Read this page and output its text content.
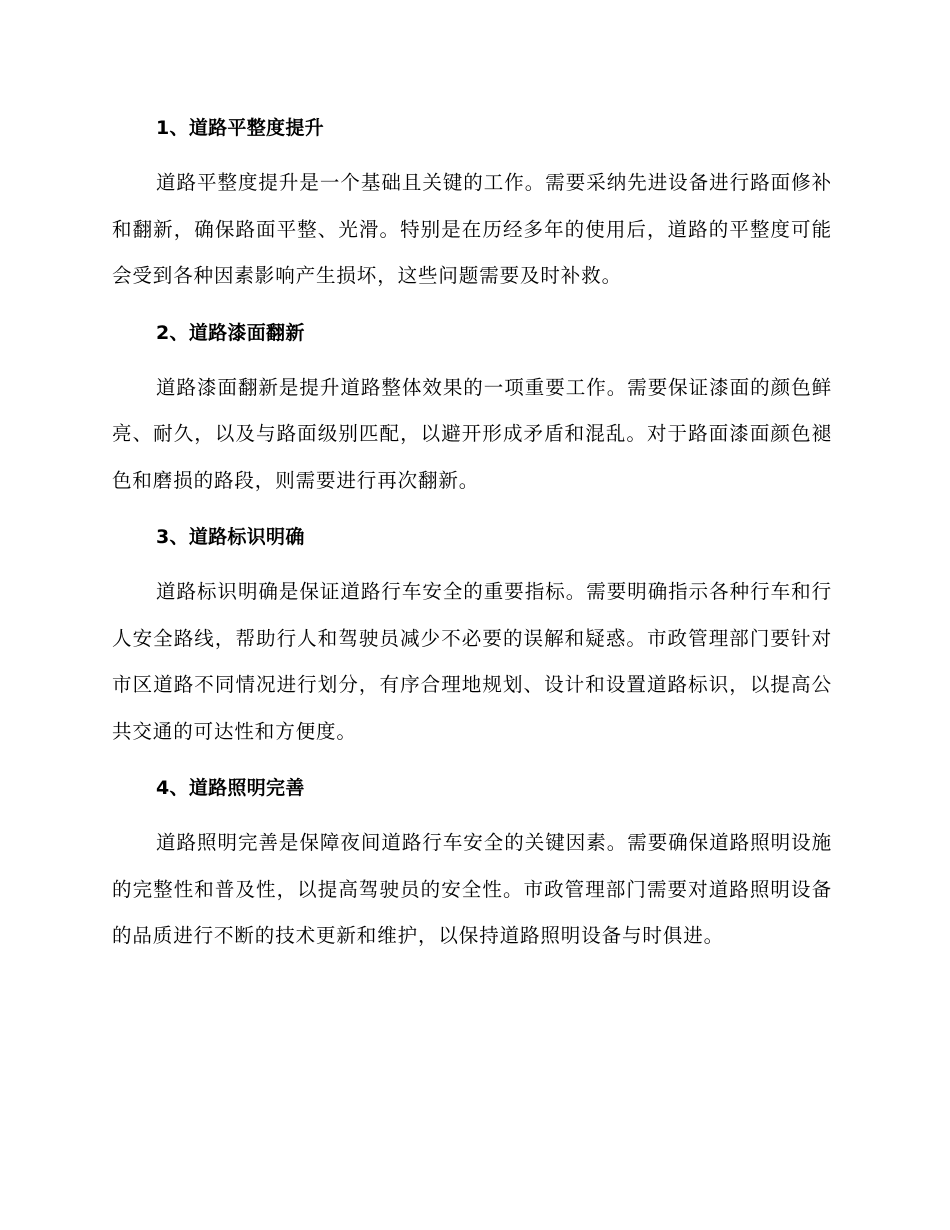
1、道路平整度提升
道路平整度提升是一个基础且关键的工作。需要采纳先进设备进行路面修补和翻新，确保路面平整、光滑。特别是在历经多年的使用后，道路的平整度可能会受到各种因素影响产生损坏，这些问题需要及时补救。
2、道路漆面翻新
道路漆面翻新是提升道路整体效果的一项重要工作。需要保证漆面的颜色鲜亮、耐久，以及与路面级别匹配，以避开形成矛盾和混乱。对于路面漆面颜色褪色和磨损的路段，则需要进行再次翻新。
3、道路标识明确
道路标识明确是保证道路行车安全的重要指标。需要明确指示各种行车和行人安全路线，帮助行人和驾驶员减少不必要的误解和疑惑。市政管理部门要针对市区道路不同情况进行划分，有序合理地规划、设计和设置道路标识，以提高公共交通的可达性和方便度。
4、道路照明完善
道路照明完善是保障夜间道路行车安全的关键因素。需要确保道路照明设施的完整性和普及性，以提高驾驶员的安全性。市政管理部门需要对道路照明设备的品质进行不断的技术更新和维护，以保持道路照明设备与时俱进。
